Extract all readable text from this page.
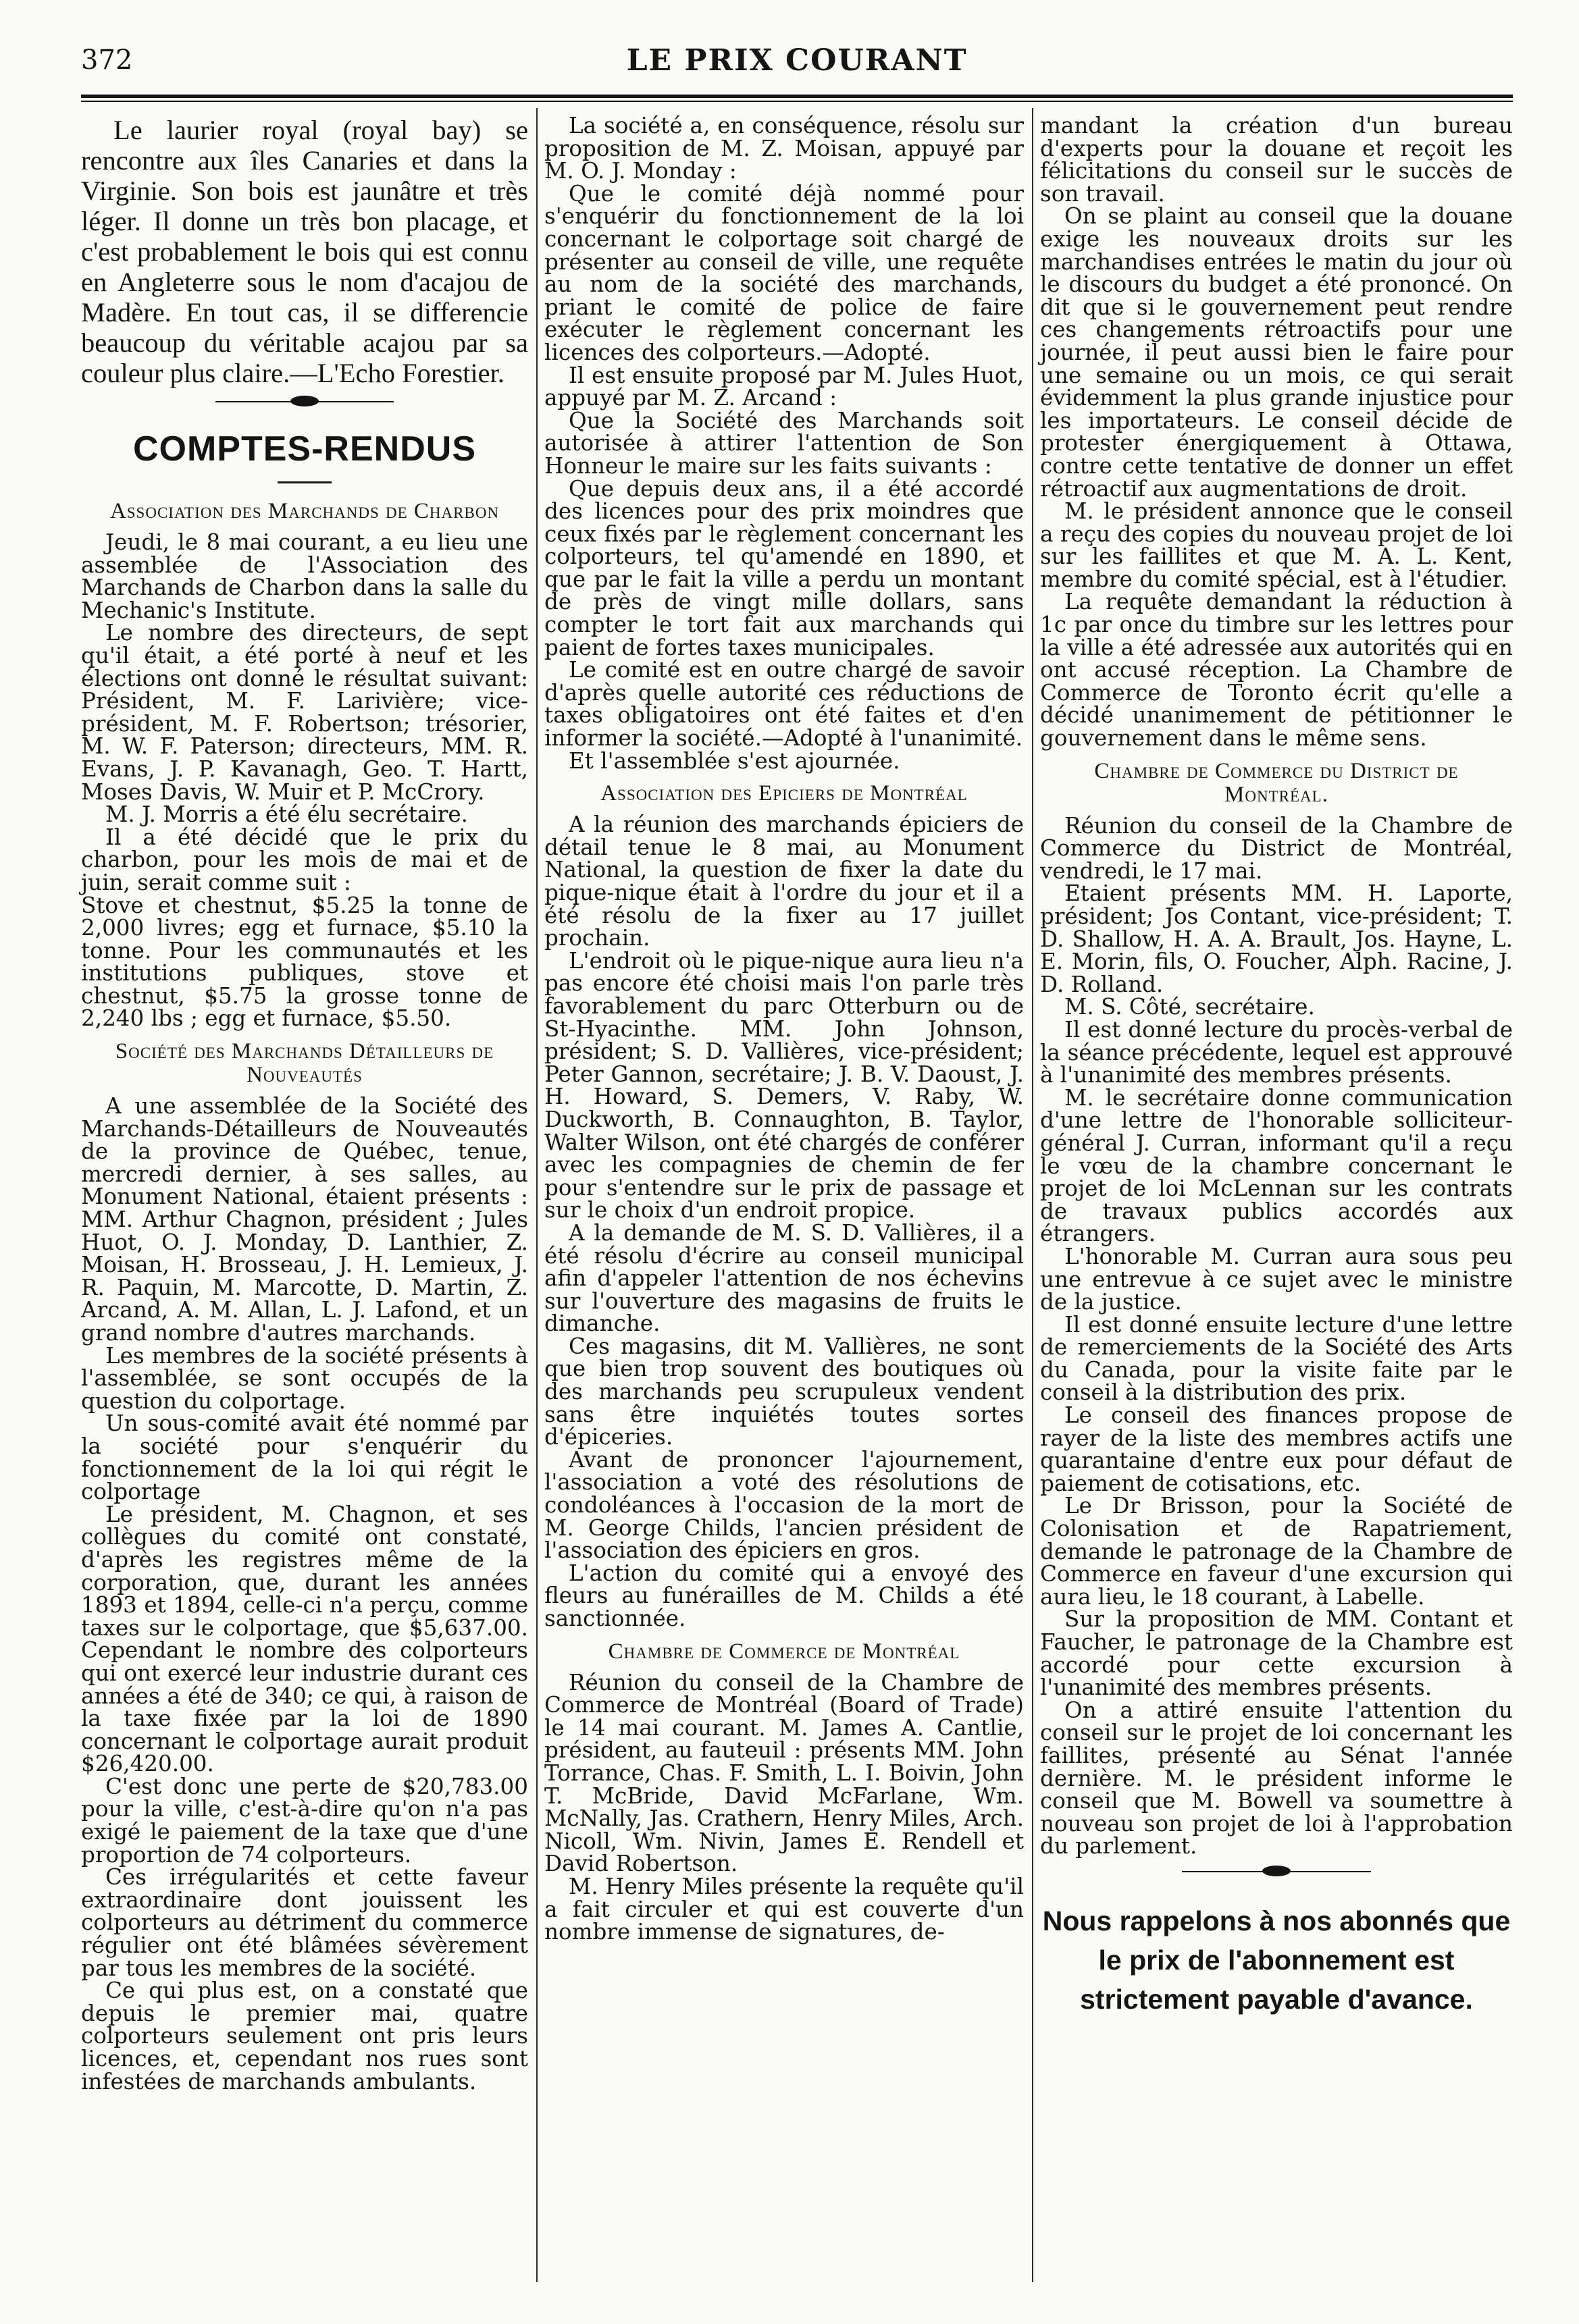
372	LE PRIX COURANT

Le laurier royal (royal bay) se rencontre aux îles Canaries et dans la Virginie. Son bois est jaunâtre et très léger. Il donne un très bon placage, et c'est probablement le bois qui est connu en Angleterre sous le nom d'acajou de Madère. En tout cas, il se differencie beaucoup du véritable acajou par sa couleur plus claire.—L'Echo Forestier.

COMPTES-RENDUS
Association des Marchands de Charbon

Jeudi, le 8 mai courant, a eu lieu une assemblée de l'Association des Marchands de Charbon dans la salle du Mechanic's Institute.

Le nombre des directeurs, de sept qu'il était, a été porté à neuf et les élections ont donné le résultat suivant: Président, M. F. Larivière; vice-président, M. F. Robertson; trésorier, M. W. F. Paterson; directeurs, MM. R. Evans, J. P. Kavanagh, Geo. T. Hartt, Moses Davis, W. Muir et P. McCrory.

M. J. Morris a été élu secrétaire.

Il a été décidé que le prix du charbon, pour les mois de mai et de juin, serait comme suit :

Stove et chestnut, $5.25 la tonne de 2,000 livres; egg et furnace, $5.10 la tonne. Pour les communautés et les institutions publiques, stove et chestnut, $5.75 la grosse tonne de 2,240 lbs ; egg et furnace, $5.50.

Société des Marchands Détailleurs de Nouveautés

A une assemblée de la Société des Marchands-Détailleurs de Nouveautés de la province de Québec, tenue, mercredi dernier, à ses salles, au Monument National, étaient présents : MM. Arthur Chagnon, président ; Jules Huot, O. J. Monday, D. Lanthier, Z. Moisan, H. Brosseau, J. H. Lemieux, J. R. Paquin, M. Marcotte, D. Martin, Z. Arcand, A. M. Allan, L. J. Lafond, et un grand nombre d'autres marchands.

Les membres de la société présents à l'assemblée, se sont occupés de la question du colportage.

Un sous-comité avait été nommé par la société pour s'enquérir du fonctionnement de la loi qui régit le colportage

Le président, M. Chagnon, et ses collègues du comité ont constaté, d'après les registres même de la corporation, que, durant les années 1893 et 1894, celle-ci n'a perçu, comme taxes sur le colportage, que $5,637.00. Cependant le nombre des colporteurs qui ont exercé leur industrie durant ces années a été de 340; ce qui, à raison de la taxe fixée par la loi de 1890 concernant le colportage aurait produit $26,420.00.

C'est donc une perte de $20,783.00 pour la ville, c'est-à-dire qu'on n'a pas exigé le paiement de la taxe que d'une proportion de 74 colporteurs.

Ces irrégularités et cette faveur extraordinaire dont jouissent les colporteurs au détriment du commerce régulier ont été blâmées sévèrement par tous les membres de la société.

Ce qui plus est, on a constaté que depuis le premier mai, quatre colporteurs seulement ont pris leurs licences, et, cependant nos rues sont infestées de marchands ambulants.

La société a, en conséquence, résolu sur proposition de M. Z. Moisan, appuyé par M. O. J. Monday :

Que le comité déjà nommé pour s'enquérir du fonctionnement de la loi concernant le colportage soit chargé de présenter au conseil de ville, une requête au nom de la société des marchands, priant le comité de police de faire exécuter le règlement concernant les licences des colporteurs.—Adopté.

Il est ensuite proposé par M. Jules Huot, appuyé par M. Z. Arcand :

Que la Société des Marchands soit autorisée à attirer l'attention de Son Honneur le maire sur les faits suivants :

Que depuis deux ans, il a été accordé des licences pour des prix moindres que ceux fixés par le règlement concernant les colporteurs, tel qu'amendé en 1890, et que par le fait la ville a perdu un montant de près de vingt mille dollars, sans compter le tort fait aux marchands qui paient de fortes taxes municipales.

Le comité est en outre chargé de savoir d'après quelle autorité ces réductions de taxes obligatoires ont été faites et d'en informer la société.—Adopté à l'unanimité.

Et l'assemblée s'est ajournée.

Association des Epiciers de Montréal

A la réunion des marchands épiciers de détail tenue le 8 mai, au Monument National, la question de fixer la date du pique-nique était à l'ordre du jour et il a été résolu de la fixer au 17 juillet prochain.

L'endroit où le pique-nique aura lieu n'a pas encore été choisi mais l'on parle très favorablement du parc Otterburn ou de St-Hyacinthe. MM. John Johnson, président; S. D. Vallières, vice-président; Peter Gannon, secrétaire; J. B. V. Daoust, J. H. Howard, S. Demers, V. Raby, W. Duckworth, B. Connaughton, B. Taylor, Walter Wilson, ont été chargés de conférer avec les compagnies de chemin de fer pour s'entendre sur le prix de passage et sur le choix d'un endroit propice.

A la demande de M. S. D. Vallières, il a été résolu d'écrire au conseil municipal afin d'appeler l'attention de nos échevins sur l'ouverture des magasins de fruits le dimanche.

Ces magasins, dit M. Vallières, ne sont que bien trop souvent des boutiques où des marchands peu scrupuleux vendent sans être inquiétés toutes sortes d'épiceries.

Avant de prononcer l'ajournement, l'association a voté des résolutions de condoléances à l'occasion de la mort de M. George Childs, l'ancien président de l'association des épiciers en gros.

L'action du comité qui a envoyé des fleurs au funérailles de M. Childs a été sanctionnée.

Chambre de Commerce de Montréal

Réunion du conseil de la Chambre de Commerce de Montréal (Board of Trade) le 14 mai courant. M. James A. Cantlie, président, au fauteuil : présents MM. John Torrance, Chas. F. Smith, L. I. Boivin, John T. McBride, David McFarlane, Wm. McNally, Jas. Crathern, Henry Miles, Arch. Nicoll, Wm. Nivin, James E. Rendell et David Robertson.

M. Henry Miles présente la requête qu'il a fait circuler et qui est couverte d'un nombre immense de signatures, de-

mandant la création d'un bureau d'experts pour la douane et reçoit les félicitations du conseil sur le succès de son travail.

On se plaint au conseil que la douane exige les nouveaux droits sur les marchandises entrées le matin du jour où le discours du budget a été prononcé. On dit que si le gouvernement peut rendre ces changements rétroactifs pour une journée, il peut aussi bien le faire pour une semaine ou un mois, ce qui serait évidemment la plus grande injustice pour les importateurs. Le conseil décide de protester énergiquement à Ottawa, contre cette tentative de donner un effet rétroactif aux augmentations de droit.

M. le président annonce que le conseil a reçu des copies du nouveau projet de loi sur les faillites et que M. A. L. Kent, membre du comité spécial, est à l'étudier.

La requête demandant la réduction à 1c par once du timbre sur les lettres pour la ville a été adressée aux autorités qui en ont accusé réception. La Chambre de Commerce de Toronto écrit qu'elle a décidé unanimement de pétitionner le gouvernement dans le même sens.

Chambre de Commerce du District de Montréal.

Réunion du conseil de la Chambre de Commerce du District de Montréal, vendredi, le 17 mai.

Etaient présents MM. H. Laporte, président; Jos Contant, vice-président; T. D. Shallow, H. A. A. Brault, Jos. Hayne, L. E. Morin, fils, O. Foucher, Alph. Racine, J. D. Rolland.

M. S. Côté, secrétaire.

Il est donné lecture du procès-verbal de la séance précédente, lequel est approuvé à l'unanimité des membres présents.

M. le secrétaire donne communication d'une lettre de l'honorable solliciteur-général J. Curran, informant qu'il a reçu le vœu de la chambre concernant le projet de loi McLennan sur les contrats de travaux publics accordés aux étrangers.

L'honorable M. Curran aura sous peu une entrevue à ce sujet avec le ministre de la justice.

Il est donné ensuite lecture d'une lettre de remerciements de la Société des Arts du Canada, pour la visite faite par le conseil à la distribution des prix.

Le conseil des finances propose de rayer de la liste des membres actifs une quarantaine d'entre eux pour défaut de paiement de cotisations, etc.

Le Dr Brisson, pour la Société de Colonisation et de Rapatriement, demande le patronage de la Chambre de Commerce en faveur d'une excursion qui aura lieu, le 18 courant, à Labelle.

Sur la proposition de MM. Contant et Faucher, le patronage de la Chambre est accordé pour cette excursion à l'unanimité des membres présents.

On a attiré ensuite l'attention du conseil sur le projet de loi concernant les faillites, présenté au Sénat l'année dernière. M. le président informe le conseil que M. Bowell va soumettre à nouveau son projet de loi à l'approbation du parlement.

Nous rappelons à nos abonnés que le prix de l'abonnement est strictement payable d'avance.
